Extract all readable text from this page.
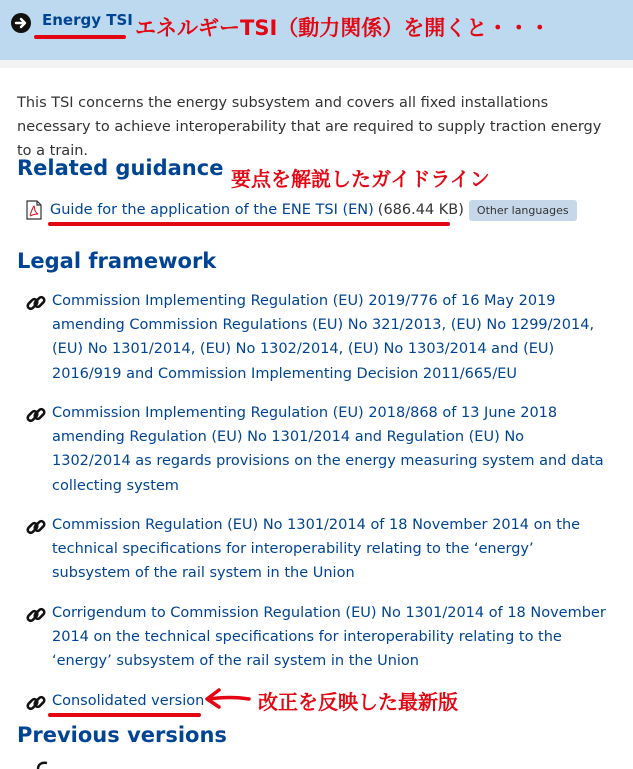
Energy TSI エネルギーTSI（動力関係）を開くと・・・

This TSI concerns the energy subsystem and covers all fixed installations necessary to achieve interoperability that are required to supply traction energy to a train.

Related guidance 要点を解説したガイドライン
Guide for the application of the ENE TSI (EN) (686.44 KB)	Other languages
Legal framework
Commission Implementing Regulation (EU) 2019/776 of 16 May 2019 amending Commission Regulations (EU) No 321/2013, (EU) No 1299/2014, (EU) No 1301/2014, (EU) No 1302/2014, (EU) No 1303/2014 and (EU) 2016/919 and Commission Implementing Decision 2011/665/EU
Commission Implementing Regulation (EU) 2018/868 of 13 June 2018 amending Regulation (EU) No 1301/2014 and Regulation (EU) No 1302/2014 as regards provisions on the energy measuring system and data collecting system
Commission Regulation (EU) No 1301/2014 of 18 November 2014 on the technical specifications for interoperability relating to the ‘energy’ subsystem of the rail system in the Union
Corrigendum to Commission Regulation (EU) No 1301/2014 of 18 November 2014 on the technical specifications for interoperability relating to the ‘energy’ subsystem of the rail system in the Union
Consolidated version	改正を反映した最新版
Previous versions
